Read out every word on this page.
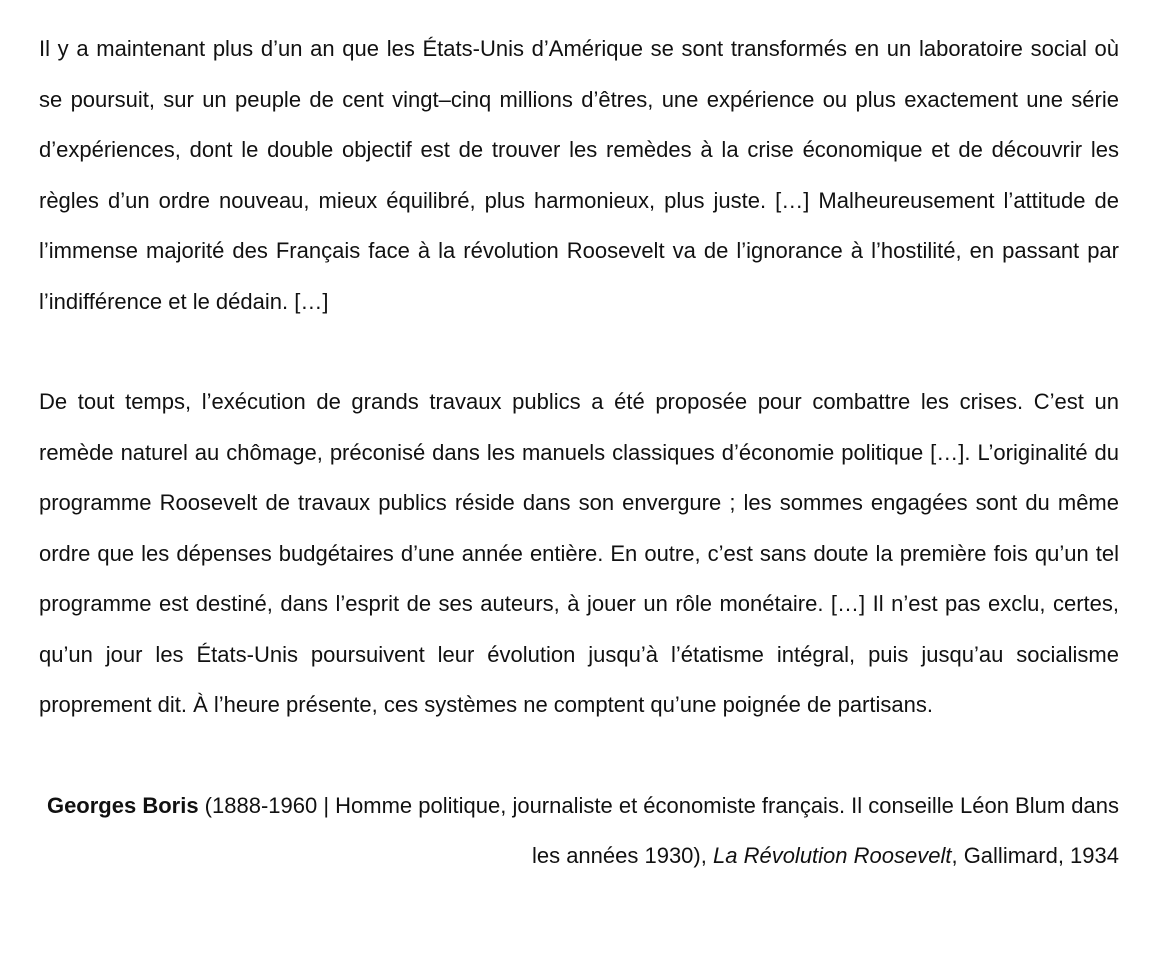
Il y a maintenant plus d’un an que les États-Unis d’Amérique se sont transformés en un laboratoire social où se poursuit, sur un peuple de cent vingt–cinq millions d’êtres, une expérience ou plus exactement une série d’expériences, dont le double objectif est de trouver les remèdes à la crise économique et de découvrir les règles d’un ordre nouveau, mieux équilibré, plus harmonieux, plus juste. […] Malheureusement l’attitude de l’immense majorité des Français face à la révolution Roosevelt va de l’ignorance à l’hostilité, en passant par l’indifférence et le dédain. […]

De tout temps, l’exécution de grands travaux publics a été proposée pour combattre les crises. C’est un remède naturel au chômage, préconisé dans les manuels classiques d’économie politique […]. L’originalité du programme Roosevelt de travaux publics réside dans son envergure ; les sommes engagées sont du même ordre que les dépenses budgétaires d’une année entière. En outre, c’est sans doute la première fois qu’un tel programme est destiné, dans l’esprit de ses auteurs, à jouer un rôle monétaire. […] Il n’est pas exclu, certes, qu’un jour les États-Unis poursuivent leur évolution jusqu’à l’étatisme intégral, puis jusqu’au socialisme proprement dit. À l’heure présente, ces systèmes ne comptent qu’une poignée de partisans.

Georges Boris (1888-1960 | Homme politique, journaliste et économiste français. Il conseille Léon Blum dans les années 1930), La Révolution Roosevelt, Gallimard, 1934
